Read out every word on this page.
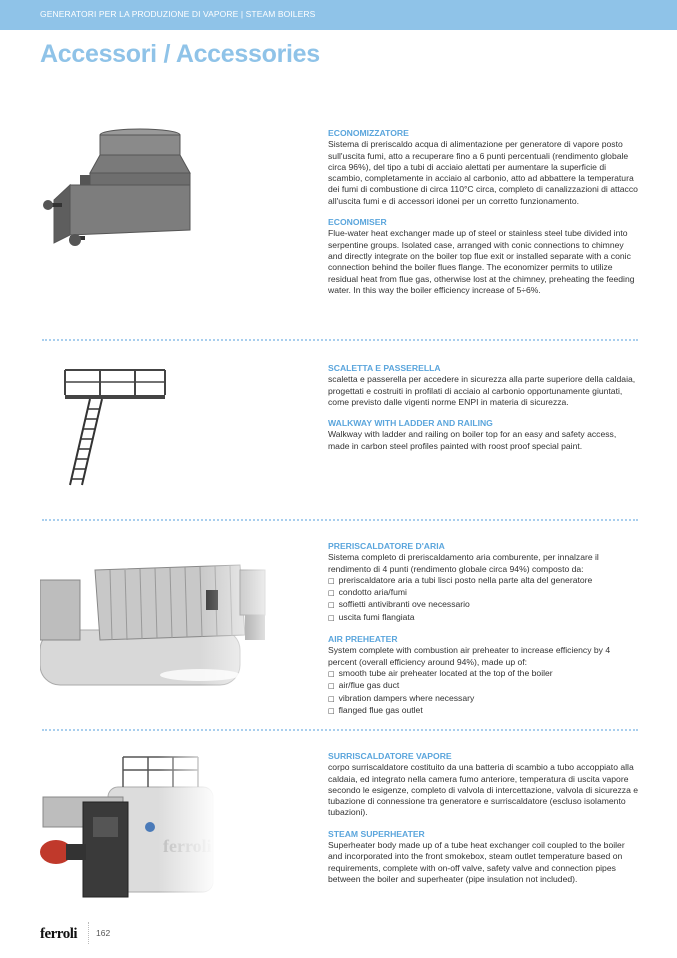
GENERATORI PER LA PRODUZIONE DI VAPORE | STEAM BOILERS
Accessori / Accessories
ECONOMIZZATORE

Sistema di preriscaldo acqua di alimentazione per generatore di vapore posto sull'uscita fumi, atto a recuperare fino a 6 punti percentuali (rendimento globale circa 96%), del tipo a tubi di acciaio alettati per aumentare la superficie di scambio, completamente in acciaio al carbonio, atto ad abbattere la temperatura dei fumi di combustione di circa 110°C circa, completo di canalizzazioni di attacco all'uscita fumi e di accessori idonei per un corretto funzionamento.

ECONOMISER

Flue-water heat exchanger made up of steel or stainless steel tube divided into serpentine groups. Isolated case, arranged with conic connections to chimney and directly integrate on the boiler top flue exit or installed separate with a conic connection behind the boiler flues flange. The economizer permits to utilize residual heat from flue gas, otherwise lost at the chimney, preheating the feeding water. In this way the boiler efficiency increase of 5÷6%.

SCALETTA E PASSERELLA

scaletta e passerella per accedere in sicurezza alla parte superiore della caldaia, progettati e costruiti in profilati di acciaio al carbonio opportunamente giuntati, come previsto dalle vigenti norme ENPI in materia di sicurezza.

WALKWAY WITH LADDER AND RAILING

Walkway with ladder and railing on boiler top for an easy and safety access, made in carbon steel profiles painted with roost proof special paint.

PRERISCALDATORE D'ARIA

Sistema completo di preriscaldamento aria comburente, per innalzare il rendimento di 4 punti (rendimento globale circa 94%) composto da:

□ preriscaldatore aria a tubi lisci posto nella parte alta del generatore
□ condotto aria/fumi
□ soffietti antivibranti ove necessario
□ uscita fumi flangiata
AIR PREHEATER

System complete with combustion air preheater to increase efficiency by 4 percent (overall efficiency around 94%), made up of:

□ smooth tube air preheater located at the top of the boiler
□ air/flue gas duct
□ vibration dampers where necessary
□ flanged flue gas outlet
SURRISCALDATORE VAPORE

corpo surriscaldatore costituito da una batteria di scambio a tubo accoppiato alla caldaia, ed integrato nella camera fumo anteriore, temperatura di uscita vapore secondo le esigenze, completo di valvola di intercettazione, valvola di sicurezza e tubazione di connessione tra generatore e surriscaldatore (escluso isolamento tubazioni).

STEAM SUPERHEATER

Superheater body made up of a tube heat exchanger coil coupled to the boiler and incorporated into the front smokebox, steam outlet temperature based on requirements, complete with on-off valve, safety valve and connection pipes between the boiler and superheater (pipe insulation not included).

ferroli 162
